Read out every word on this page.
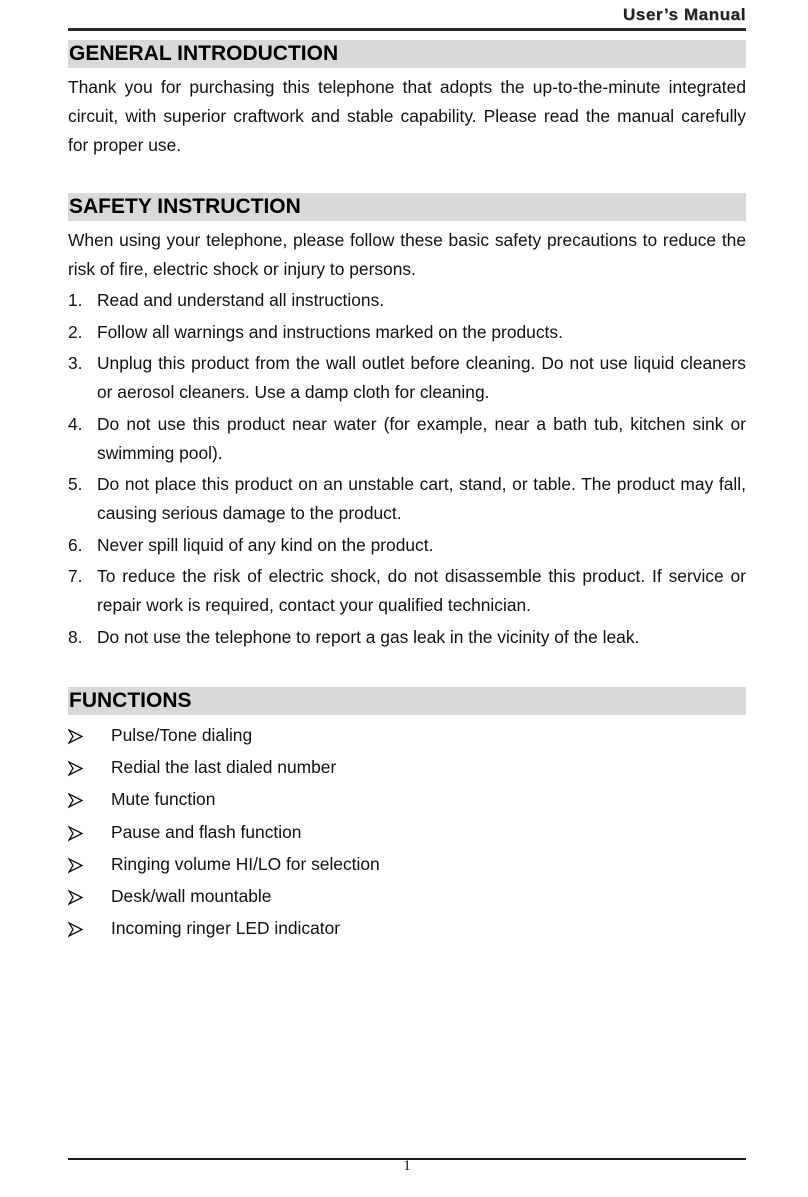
User’s Manual
GENERAL INTRODUCTION

Thank you for purchasing this telephone that adopts the up-to-the-minute integrated circuit, with superior craftwork and stable capability. Please read the manual carefully for proper use.

SAFETY INSTRUCTION

When using your telephone, please follow these basic safety precautions to reduce the risk of fire, electric shock or injury to persons.

1. Read and understand all instructions.
2. Follow all warnings and instructions marked on the products.
3. Unplug this product from the wall outlet before cleaning. Do not use liquid cleaners or aerosol cleaners. Use a damp cloth for cleaning.
4. Do not use this product near water (for example, near a bath tub, kitchen sink or swimming pool).
5. Do not place this product on an unstable cart, stand, or table. The product may fall, causing serious damage to the product.
6. Never spill liquid of any kind on the product.
7. To reduce the risk of electric shock, do not disassemble this product. If service or repair work is required, contact your qualified technician.
8. Do not use the telephone to report a gas leak in the vicinity of the leak.
FUNCTIONS
Pulse/Tone dialing
Redial the last dialed number
Mute function
Pause and flash function
Ringing volume HI/LO for selection
Desk/wall mountable
Incoming ringer LED indicator
1
